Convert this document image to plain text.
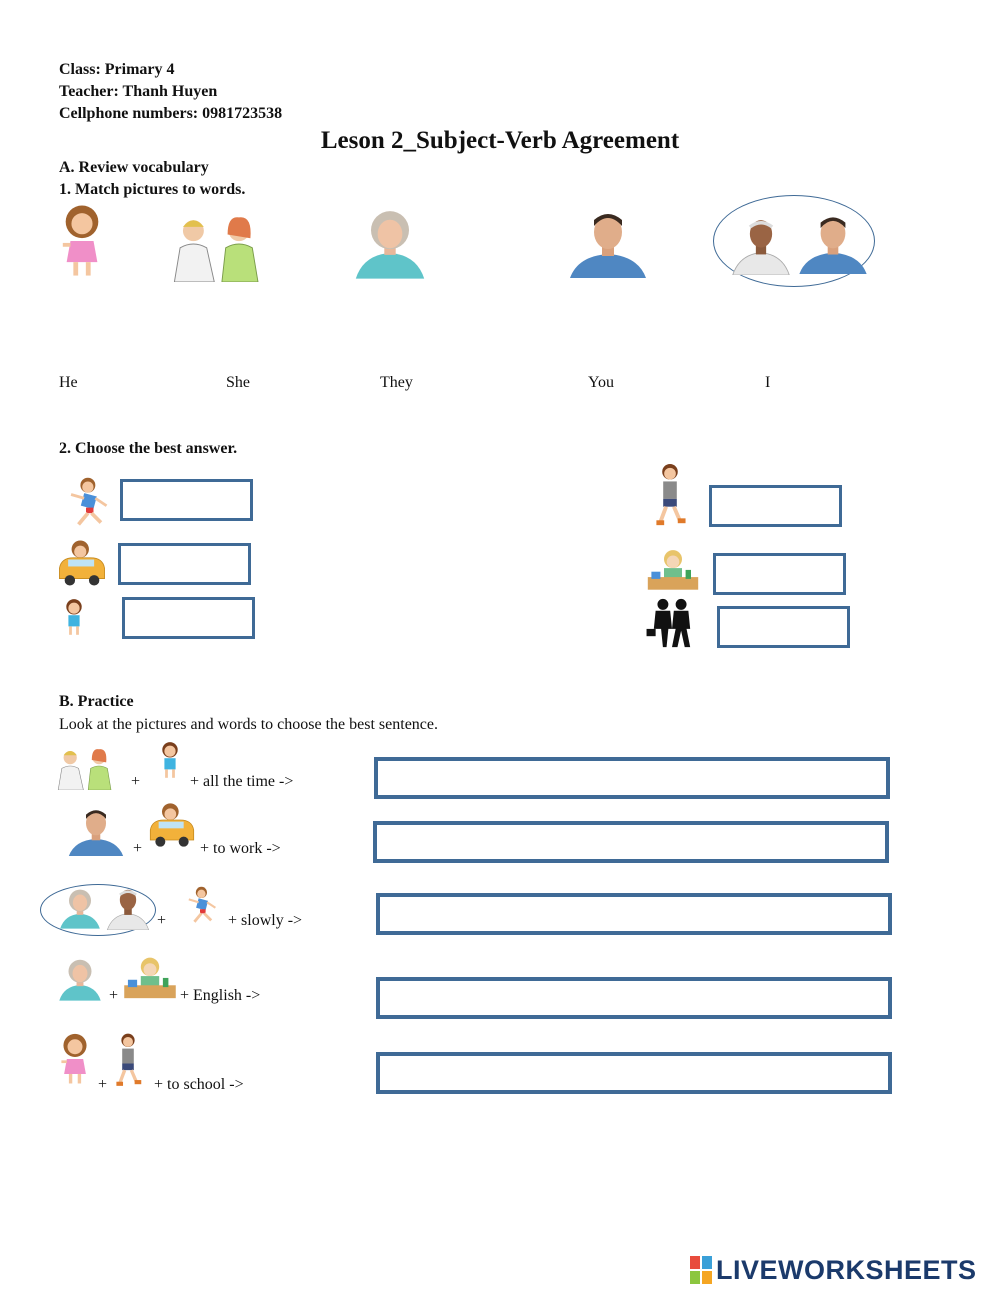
Class: Primary 4
Teacher: Thanh Huyen
Cellphone numbers: 0981723538
Leson 2_Subject-Verb Agreement
A. Review vocabulary
1. Match pictures to words.
He	She	They	You	I
2. Choose the best answer.
B. Practice
Look at the pictures and words to choose the best sentence.
+	+ all the time ->
+	+ to work ->
+	+ slowly ->
+	+ English ->
+	+ to school ->
LIVEWORKSHEETS
